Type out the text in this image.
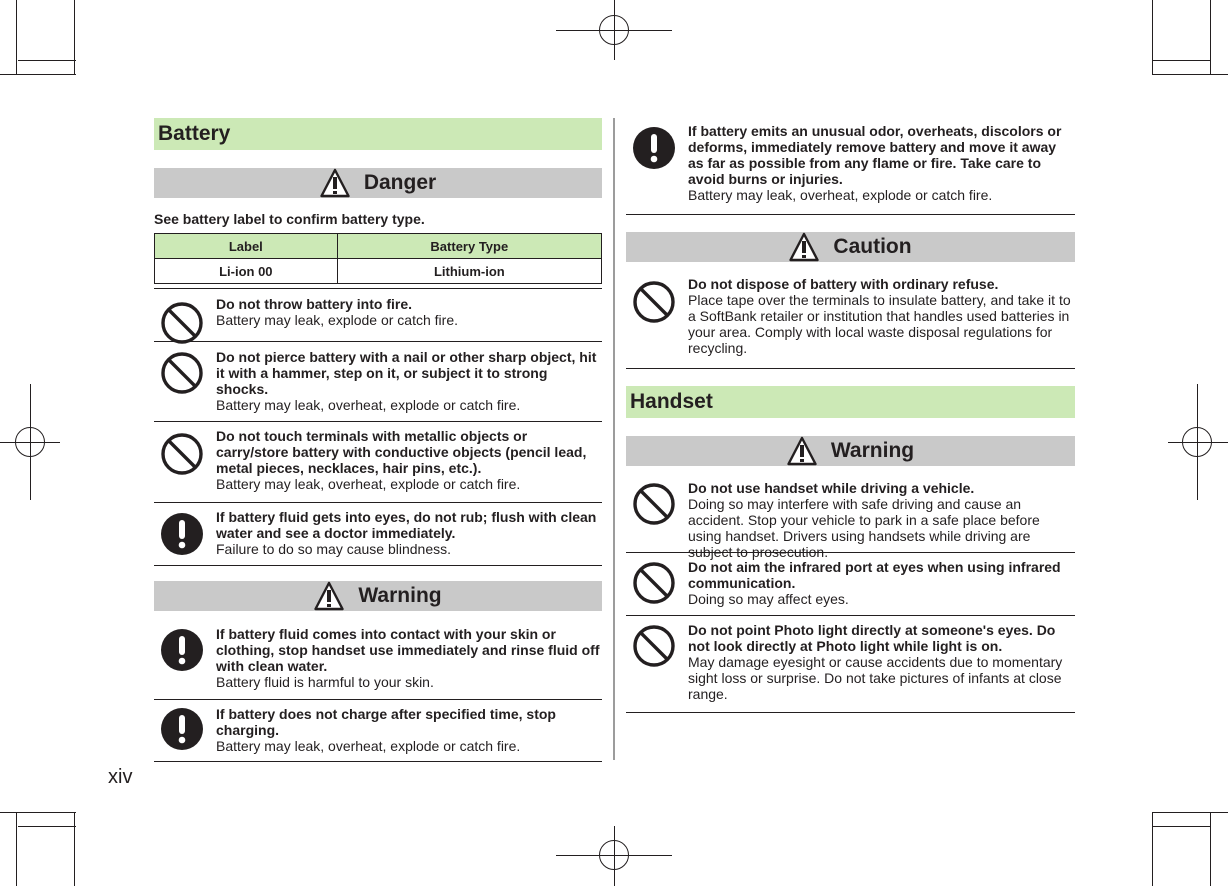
Battery
Danger
See battery label to confirm battery type.
Label	Battery Type
Li-ion 00	Lithium-ion
Do not throw battery into fire.
Battery may leak, explode or catch fire.
Do not pierce battery with a nail or other sharp object, hit it with a hammer, step on it, or subject it to strong shocks.
Battery may leak, overheat, explode or catch fire.
Do not touch terminals with metallic objects or carry/store battery with conductive objects (pencil lead, metal pieces, necklaces, hair pins, etc.).
Battery may leak, overheat, explode or catch fire.
If battery fluid gets into eyes, do not rub; flush with clean water and see a doctor immediately.
Failure to do so may cause blindness.
Warning
If battery fluid comes into contact with your skin or clothing, stop handset use immediately and rinse fluid off with clean water.
Battery fluid is harmful to your skin.
If battery does not charge after specified time, stop charging.
Battery may leak, overheat, explode or catch fire.
If battery emits an unusual odor, overheats, discolors or deforms, immediately remove battery and move it away as far as possible from any flame or fire. Take care to avoid burns or injuries.
Battery may leak, overheat, explode or catch fire.
Caution
Do not dispose of battery with ordinary refuse.
Place tape over the terminals to insulate battery, and take it to a SoftBank retailer or institution that handles used batteries in your area. Comply with local waste disposal regulations for recycling.
Handset
Warning
Do not use handset while driving a vehicle.
Doing so may interfere with safe driving and cause an accident. Stop your vehicle to park in a safe place before using handset. Drivers using handsets while driving are subject to prosecution.
Do not aim the infrared port at eyes when using infrared communication.
Doing so may affect eyes.
Do not point Photo light directly at someone's eyes. Do not look directly at Photo light while light is on.
May damage eyesight or cause accidents due to momentary sight loss or surprise. Do not take pictures of infants at close range.
xiv
